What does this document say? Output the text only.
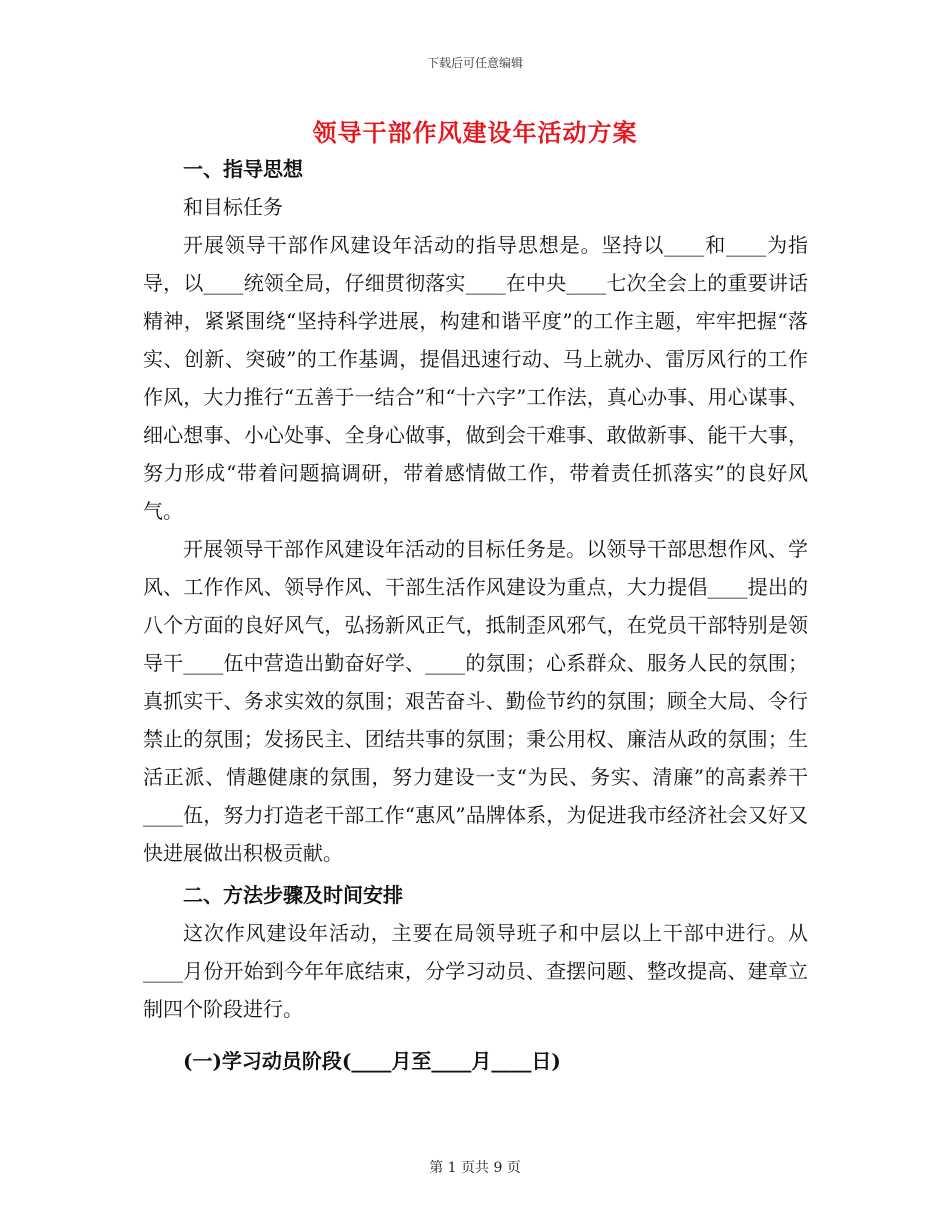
下载后可任意编辑
领导干部作风建设年活动方案

一、指导思想

和目标任务

开展领导干部作风建设年活动的指导思想是。坚持以____和____为指导，以____统领全局，仔细贯彻落实____在中央____七次全会上的重要讲话精神，紧紧围绕“坚持科学进展，构建和谐平度”的工作主题，牢牢把握“落实、创新、突破”的工作基调，提倡迅速行动、马上就办、雷厉风行的工作作风，大力推行“五善于一结合”和“十六字”工作法，真心办事、用心谋事、细心想事、小心处事、全身心做事，做到会干难事、敢做新事、能干大事，努力形成“带着问题搞调研，带着感情做工作，带着责任抓落实”的良好风气。

开展领导干部作风建设年活动的目标任务是。以领导干部思想作风、学风、工作作风、领导作风、干部生活作风建设为重点，大力提倡____提出的八个方面的良好风气，弘扬新风正气，抵制歪风邪气，在党员干部特别是领导干____伍中营造出勤奋好学、____的氛围；心系群众、服务人民的氛围；真抓实干、务求实效的氛围；艰苦奋斗、勤俭节约的氛围；顾全大局、令行禁止的氛围；发扬民主、团结共事的氛围；秉公用权、廉洁从政的氛围；生活正派、情趣健康的氛围，努力建设一支“为民、务实、清廉”的高素养干____伍，努力打造老干部工作“惠风”品牌体系，为促进我市经济社会又好又快进展做出积极贡献。

二、方法步骤及时间安排

这次作风建设年活动，主要在局领导班子和中层以上干部中进行。从____月份开始到今年年底结束，分学习动员、查摆问题、整改提高、建章立制四个阶段进行。

(一)学习动员阶段(____月至____月____日)

第 1 页共 9 页
